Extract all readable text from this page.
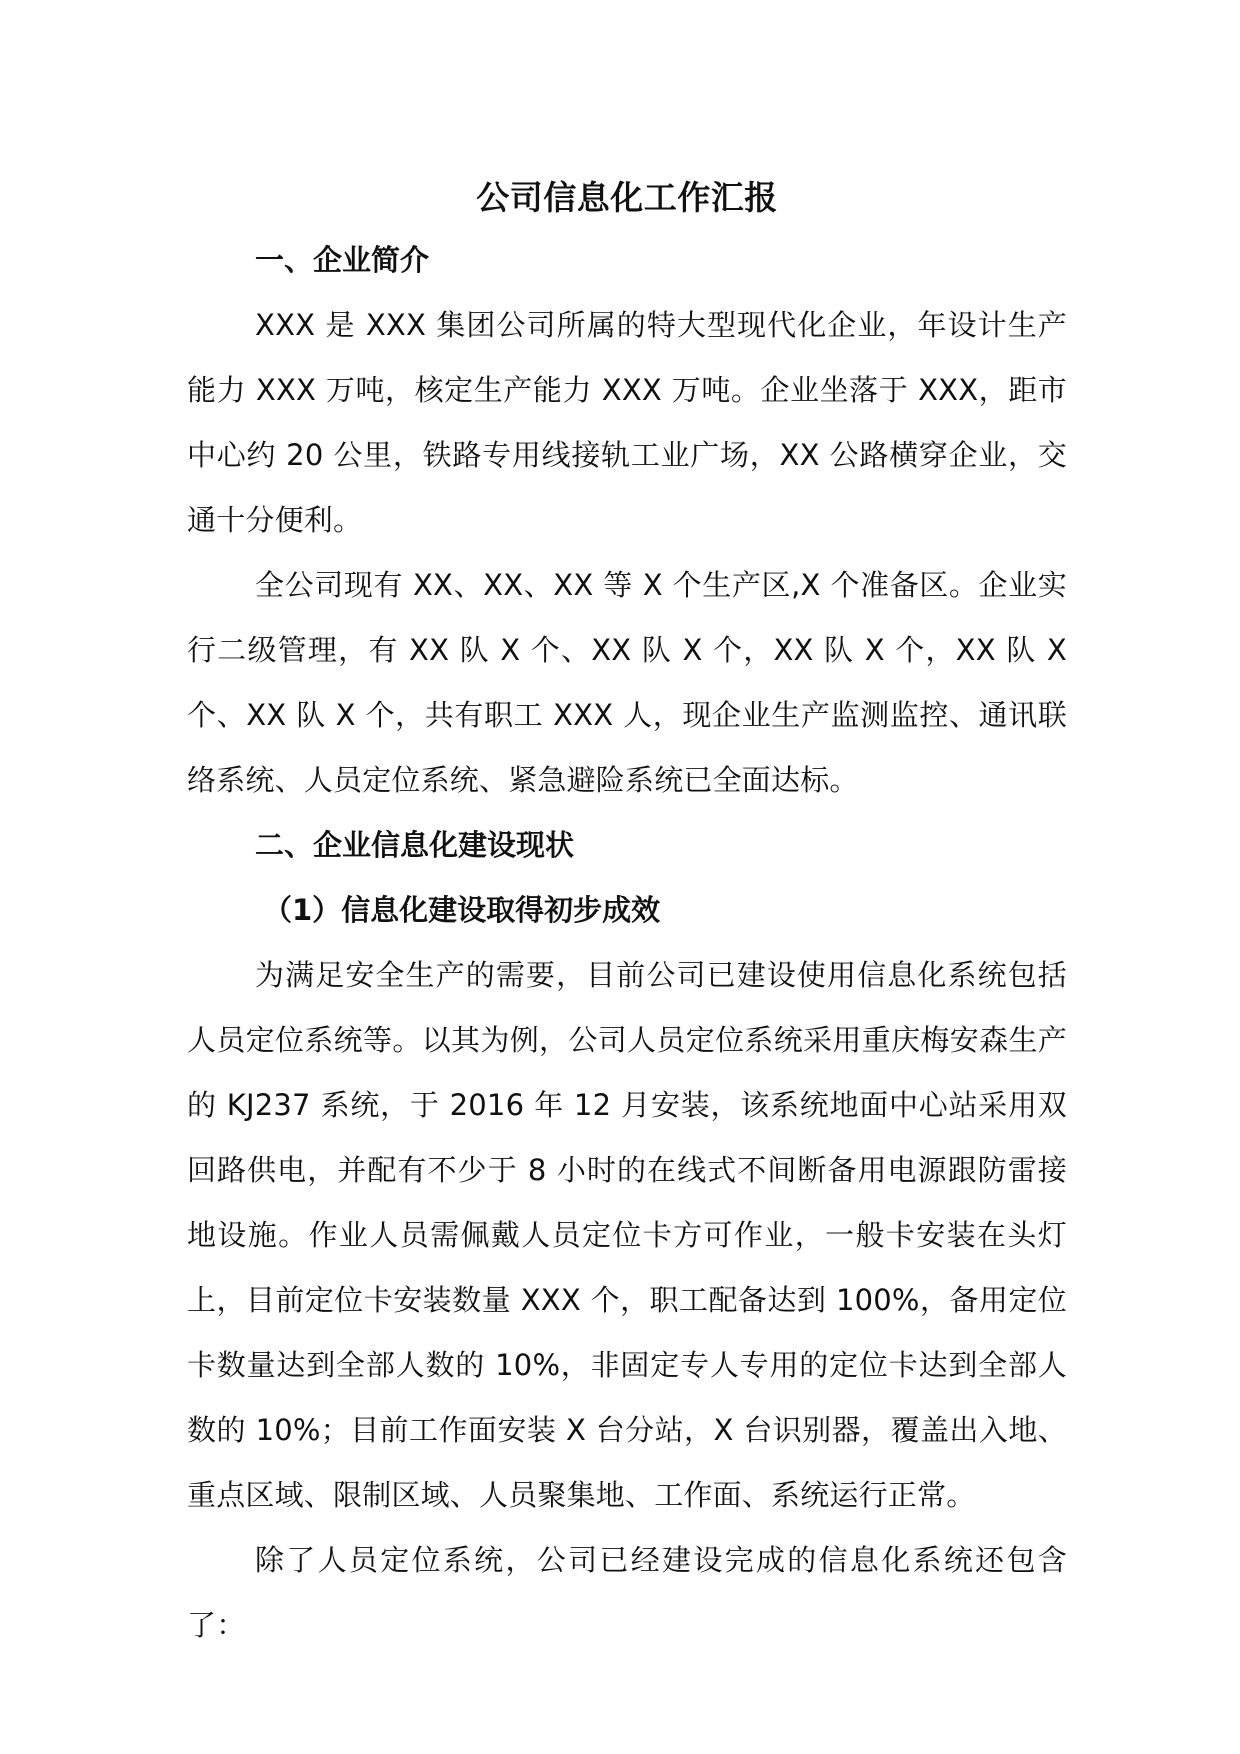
公司信息化工作汇报
一、企业简介

XXX 是 XXX 集团公司所属的特大型现代化企业，年设计生产能力 XXX 万吨，核定生产能力 XXX 万吨。企业坐落于 XXX，距市中心约 20 公里，铁路专用线接轨工业广场，XX 公路横穿企业，交通十分便利。

全公司现有 XX、XX、XX 等 X 个生产区,X 个准备区。企业实行二级管理，有 XX 队 X 个、XX 队 X 个，XX 队 X 个，XX 队 X 个、XX 队 X 个，共有职工 XXX 人，现企业生产监测监控、通讯联络系统、人员定位系统、紧急避险系统已全面达标。

二、企业信息化建设现状
（1）信息化建设取得初步成效

为满足安全生产的需要，目前公司已建设使用信息化系统包括人员定位系统等。以其为例，公司人员定位系统采用重庆梅安森生产的 KJ237 系统，于 2016 年 12 月安装，该系统地面中心站采用双回路供电，并配有不少于 8 小时的在线式不间断备用电源跟防雷接地设施。作业人员需佩戴人员定位卡方可作业，一般卡安装在头灯上，目前定位卡安装数量 XXX 个，职工配备达到 100%，备用定位卡数量达到全部人数的 10%，非固定专人专用的定位卡达到全部人数的 10%；目前工作面安装 X 台分站，X 台识别器，覆盖出入地、重点区域、限制区域、人员聚集地、工作面、系统运行正常。

除了人员定位系统，公司已经建设完成的信息化系统还包含了：
